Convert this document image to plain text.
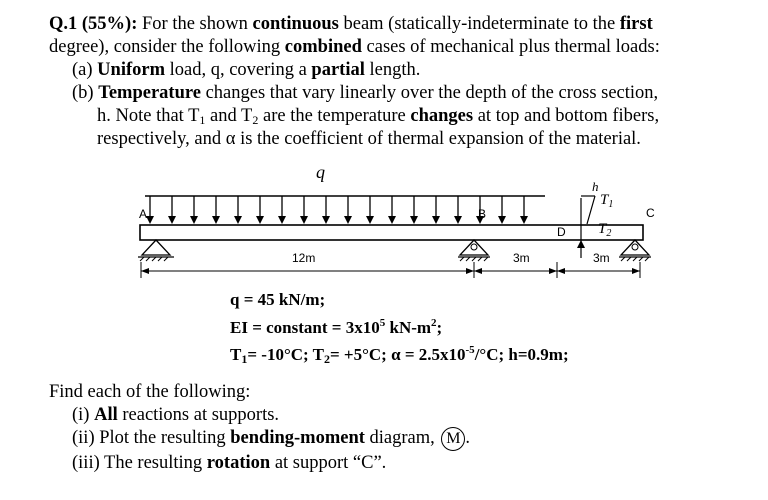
Q.1 (55%): For the shown continuous beam (statically-indeterminate to the first
degree), consider the following combined cases of mechanical plus thermal loads:
(a) Uniform load, q, covering a partial length.
(b) Temperature changes that vary linearly over the depth of the cross section,
h. Note that $T_1$ and $T_2$ are the temperature changes at top and bottom fibers,
respectively, and α is the coefficient of thermal expansion of the material.
q
A	B	C
D
h
$T_1$
$T_2$
12m	3m	3m
q = 45 kN/m;
EI = constant = $3x10^5$ $kN-m^2$;
$T_1= -10^\circ C$; $T_2= +5^\circ C$; $\alpha = 2.5x10^{-5}/^\circ C$; h=0.9m;
Find each of the following:
(i) All reactions at supports.
(ii) Plot the resulting bending-moment diagram, M .
(iii) The resulting rotation at support “C”.
